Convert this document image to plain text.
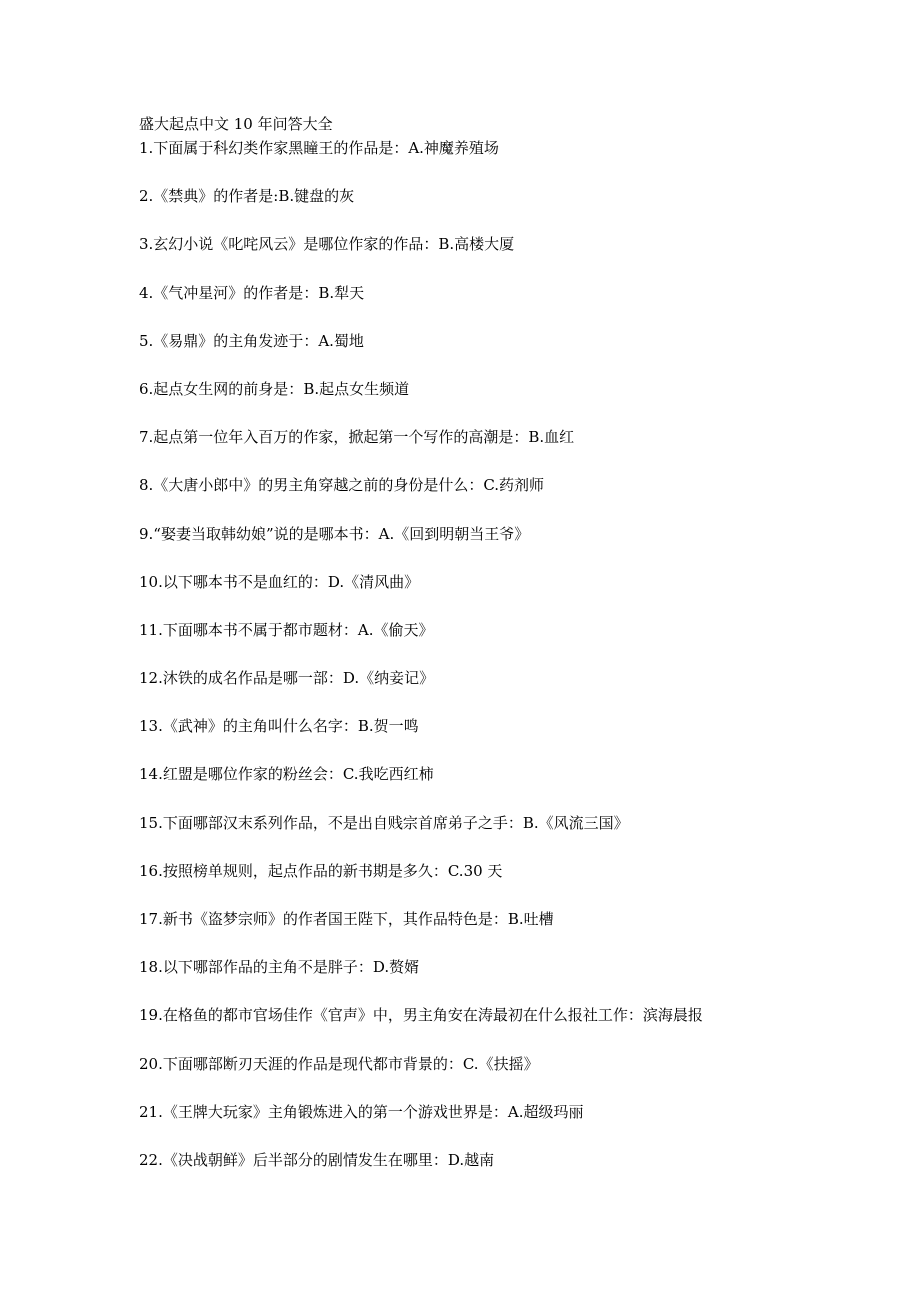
盛大起点中文 10 年问答大全
1.下面属于科幻类作家黑瞳王的作品是：A.神魔养殖场
2.《禁典》的作者是:B.键盘的灰
3.玄幻小说《叱咤风云》是哪位作家的作品：B.高楼大厦
4.《气冲星河》的作者是：B.犁天
5.《易鼎》的主角发迹于：A.蜀地
6.起点女生网的前身是：B.起点女生频道
7.起点第一位年入百万的作家，掀起第一个写作的高潮是：B.血红
8.《大唐小郎中》的男主角穿越之前的身份是什么：C.药剂师
9.“娶妻当取韩幼娘”说的是哪本书：A.《回到明朝当王爷》
10.以下哪本书不是血红的：D.《清风曲》
11.下面哪本书不属于都市题材：A.《偷天》
12.沐铁的成名作品是哪一部：D.《纳妾记》
13.《武神》的主角叫什么名字：B.贺一鸣
14.红盟是哪位作家的粉丝会：C.我吃西红柿
15.下面哪部汉末系列作品，不是出自贱宗首席弟子之手：B.《风流三国》
16.按照榜单规则，起点作品的新书期是多久：C.30 天
17.新书《盗梦宗师》的作者国王陛下，其作品特色是：B.吐槽
18.以下哪部作品的主角不是胖子：D.赘婿
19.在格鱼的都市官场佳作《官声》中，男主角安在涛最初在什么报社工作：滨海晨报
20.下面哪部断刃天涯的作品是现代都市背景的：C.《扶摇》
21.《王牌大玩家》主角锻炼进入的第一个游戏世界是：A.超级玛丽
22.《决战朝鲜》后半部分的剧情发生在哪里：D.越南
